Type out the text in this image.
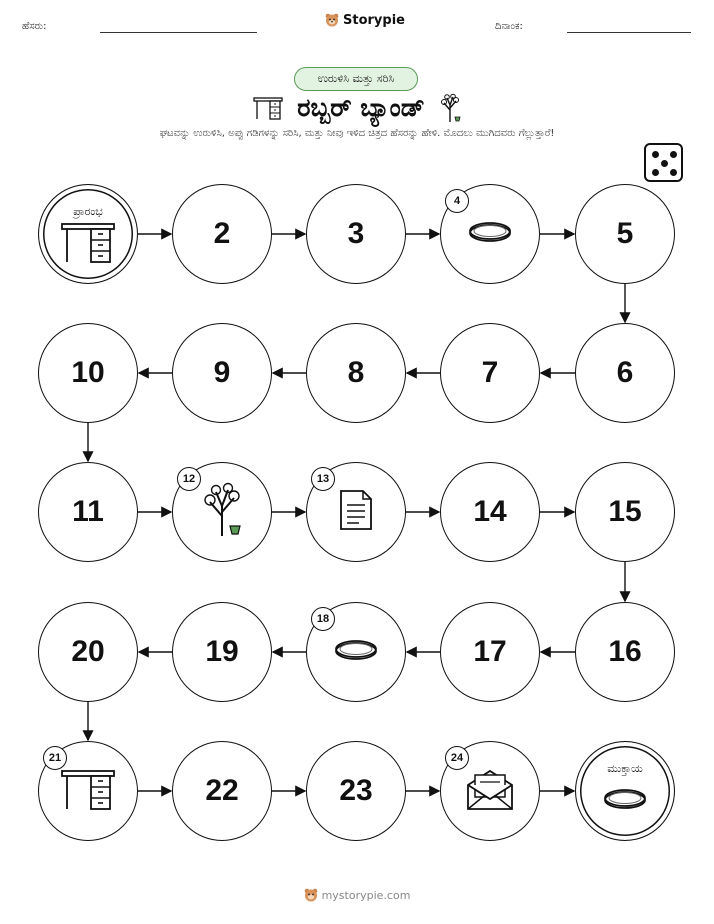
ಹೆಸರು:	Storypie	ದಿನಾಂಕ:
ಉರುಳಿಸಿ ಮತ್ತು ಸರಿಸಿ
ರಬ್ಬರ್ ಬ್ಯಾಂಡ್
ಘಟವನ್ನು ಉರುಳಿಸಿ, ಅಪ್ಪು ಗಡಿಗಳನ್ನು ಸರಿಸಿ, ಮತ್ತು ನೀವು ಇಳಿದ ಚಿತ್ರದ ಹೆಸರನ್ನು ಹೇಳಿ. ಮೊದಲು ಮುಗಿದವರು ಗೆಲ್ಲುತ್ತಾರೆ!
ಪ್ರಾರಂಭ
2	3
4
5
6
7
8
9
10
11
12	13
14	15
16
17
18
19
20
21
22	23
24
ಮುಕ್ತಾಯ
mystorypie.com
